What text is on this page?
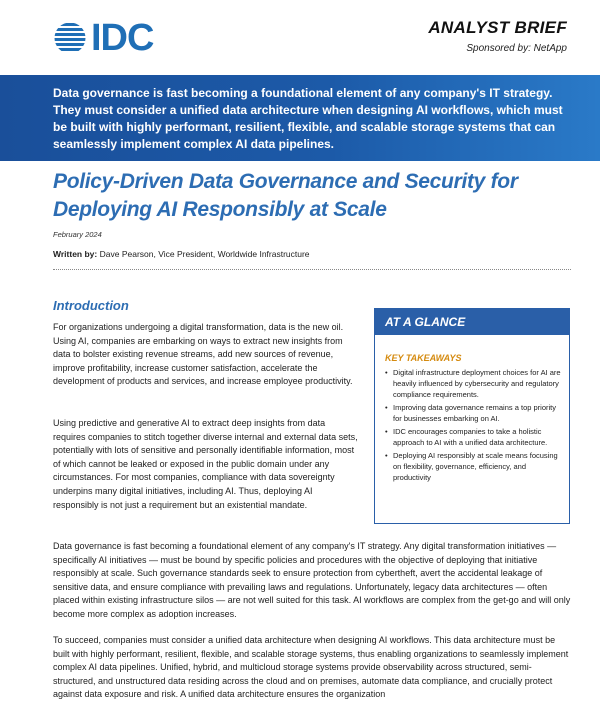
IDC	ANALYST BRIEF
Sponsored by: NetApp
Data governance is fast becoming a foundational element of any company's IT strategy. They must consider a unified data architecture when designing AI workflows, which must be built with highly performant, resilient, flexible, and scalable storage systems that can seamlessly implement complex AI data pipelines.
Policy-Driven Data Governance and Security for Deploying AI Responsibly at Scale
February 2024
Written by: Dave Pearson, Vice President, Worldwide Infrastructure
Introduction
For organizations undergoing a digital transformation, data is the new oil. Using AI, companies are embarking on ways to extract new insights from data to bolster existing revenue streams, add new sources of revenue, improve profitability, increase customer satisfaction, accelerate the development of products and services, and increase employee productivity.
Using predictive and generative AI to extract deep insights from data requires companies to stitch together diverse internal and external data sets, potentially with lots of sensitive and personally identifiable information, most of which cannot be leaked or exposed in the public domain under any circumstances. For most companies, compliance with data sovereignty underpins many digital initiatives, including AI. Thus, deploying AI responsibly is not just a requirement but an existential mandate.
AT A GLANCE
KEY TAKEAWAYS
• Digital infrastructure deployment choices for AI are heavily influenced by cybersecurity and regulatory compliance requirements.
• Improving data governance remains a top priority for businesses embarking on AI.
• IDC encourages companies to take a holistic approach to AI with a unified data architecture.
• Deploying AI responsibly at scale means focusing on flexibility, governance, efficiency, and productivity
Data governance is fast becoming a foundational element of any company's IT strategy. Any digital transformation initiatives — specifically AI initiatives — must be bound by specific policies and procedures with the objective of deploying that initiative responsibly at scale. Such governance standards seek to ensure protection from cybertheft, avert the accidental leakage of sensitive data, and ensure compliance with prevailing laws and regulations. Unfortunately, legacy data architectures — often placed within existing infrastructure silos — are not well suited for this task. AI workflows are complex from the get-go and will only become more complex as adoption increases.
To succeed, companies must consider a unified data architecture when designing AI workflows. This data architecture must be built with highly performant, resilient, flexible, and scalable storage systems, thus enabling organizations to seamlessly implement complex AI data pipelines. Unified, hybrid, and multicloud storage systems provide observability across structured, semi-structured, and unstructured data residing across the cloud and on premises, automate data compliance, and crucially protect against data exposure and risk. A unified data architecture ensures the organization
